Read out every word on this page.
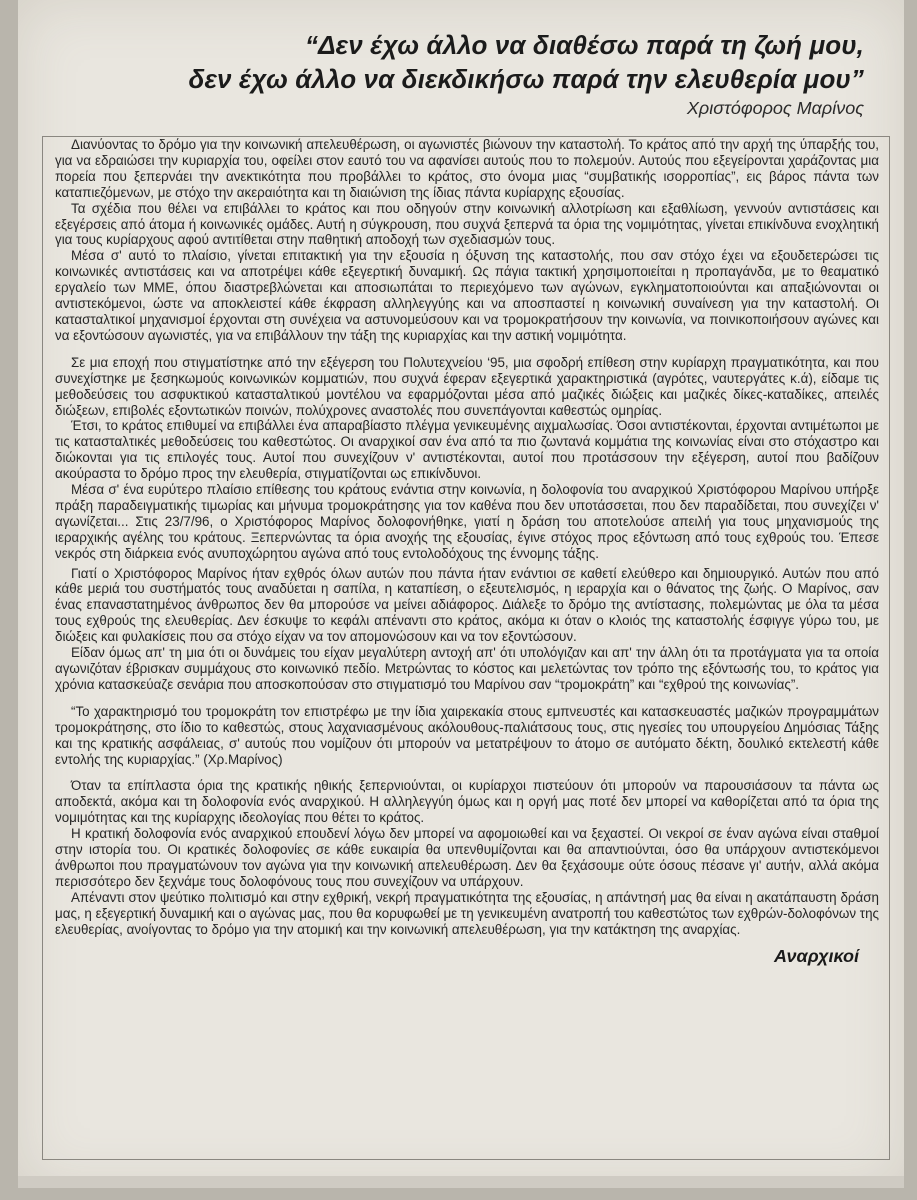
“Δεν έχω άλλο να διαθέσω παρά τη ζωή μου,
δεν έχω άλλο να διεκδικήσω παρά την ελευθερία μου”
Χριστόφορος Μαρίνος

Διανύοντας το δρόμο για την κοινωνική απελευθέρωση, οι αγωνιστές βιώνουν την καταστολή. Το κράτος από την αρχή της ύπαρξής του, για να εδραιώσει την κυριαρχία του, οφείλει στον εαυτό του να αφανίσει αυτούς που το πολεμούν. Αυτούς που εξεγείρονται χαράζοντας μια πορεία που ξεπερνάει την ανεκτικότητα που προβάλλει το κράτος, στο όνομα μιας “συμβατικής ισορροπίας”, εις βάρος πάντα των καταπιεζόμενων, με στόχο την ακεραιότητα και τη διαιώνιση της ίδιας πάντα κυρίαρχης εξουσίας.

Τα σχέδια που θέλει να επιβάλλει το κράτος και που οδηγούν στην κοινωνική αλλοτρίωση και εξαθλίωση, γεννούν αντιστάσεις και εξεγέρσεις από άτομα ή κοινωνικές ομάδες. Αυτή η σύγκρουση, που συχνά ξεπερνά τα όρια της νομιμότητας, γίνεται επικίνδυνα ενοχλητική για τους κυρίαρχους αφού αντιτίθεται στην παθητική αποδοχή των σχεδιασμών τους.

Μέσα σ' αυτό το πλαίσιο, γίνεται επιτακτική για την εξουσία η όξυνση της καταστολής, που σαν στόχο έχει να εξουδετερώσει τις κοινωνικές αντιστάσεις και να αποτρέψει κάθε εξεγερτική δυναμική. Ως πάγια τακτική χρησιμοποιείται η προπαγάνδα, με το θεαματικό εργαλείο των ΜΜΕ, όπου διαστρεβλώνεται και αποσιωπάται το περιεχόμενο των αγώνων, εγκληματοποιούνται και απαξιώνονται οι αντιστεκόμενοι, ώστε να αποκλειστεί κάθε έκφραση αλληλεγγύης και να αποσπαστεί η κοινωνική συναίνεση για την καταστολή. Οι κατασταλτικοί μηχανισμοί έρχονται στη συνέχεια να αστυνομεύσουν και να τρομοκρατήσουν την κοινωνία, να ποινικοποιήσουν αγώνες και να εξοντώσουν αγωνιστές, για να επιβάλλουν την τάξη της κυριαρχίας και την αστική νομιμότητα.

Σε μια εποχή που στιγματίστηκε από την εξέγερση του Πολυτεχνείου ‘95, μια σφοδρή επίθεση στην κυρίαρχη πραγματικότητα, και που συνεχίστηκε με ξεσηκωμούς κοινωνικών κομματιών, που συχνά έφεραν εξεγερτικά χαρακτηριστικά (αγρότες, ναυτεργάτες κ.ά), είδαμε τις μεθοδεύσεις του ασφυκτικού κατασταλτικού μοντέλου να εφαρμόζονται μέσα από μαζικές διώξεις και μαζικές δίκες-καταδίκες, απειλές διώξεων, επιβολές εξοντωτικών ποινών, πολύχρονες αναστολές που συνεπάγονται καθεστώς ομηρίας.

Έτσι, το κράτος επιθυμεί να επιβάλλει ένα απαραβίαστο πλέγμα γενικευμένης αιχμαλωσίας. Όσοι αντιστέκονται, έρχονται αντιμέτωποι με τις κατασταλτικές μεθοδεύσεις του καθεστώτος. Οι αναρχικοί σαν ένα από τα πιο ζωντανά κομμάτια της κοινωνίας είναι στο στόχαστρο και διώκονται για τις επιλογές τους. Αυτοί που συνεχίζουν ν' αντιστέκονται, αυτοί που προτάσσουν την εξέγερση, αυτοί που βαδίζουν ακούραστα το δρόμο προς την ελευθερία, στιγματίζονται ως επικίνδυνοι.

Μέσα σ' ένα ευρύτερο πλαίσιο επίθεσης του κράτους ενάντια στην κοινωνία, η δολοφονία του αναρχικού Χριστόφορου Μαρίνου υπήρξε πράξη παραδειγματικής τιμωρίας και μήνυμα τρομοκράτησης για τον καθένα που δεν υποτάσσεται, που δεν παραδίδεται, που συνεχίζει ν' αγωνίζεται... Στις 23/7/96, ο Χριστόφορος Μαρίνος δολοφονήθηκε, γιατί η δράση του αποτελούσε απειλή για τους μηχανισμούς της ιεραρχικής αγέλης του κράτους. Ξεπερνώντας τα όρια ανοχής της εξουσίας, έγινε στόχος προς εξόντωση από τους εχθρούς του. Έπεσε νεκρός στη διάρκεια ενός ανυποχώρητου αγώνα από τους εντολοδόχους της έννομης τάξης.

Γιατί ο Χριστόφορος Μαρίνος ήταν εχθρός όλων αυτών που πάντα ήταν ενάντιοι σε καθετί ελεύθερο και δημιουργικό. Αυτών που από κάθε μεριά του συστήματός τους αναδύεται η σαπίλα, η καταπίεση, ο εξευτελισμός, η ιεραρχία και ο θάνατος της ζωής. Ο Μαρίνος, σαν ένας επαναστατημένος άνθρωπος δεν θα μπορούσε να μείνει αδιάφορος. Διάλεξε το δρόμο της αντίστασης, πολεμώντας με όλα τα μέσα τους εχθρούς της ελευθερίας. Δεν έσκυψε το κεφάλι απέναντι στο κράτος, ακόμα κι όταν ο κλοιός της καταστολής έσφιγγε γύρω του, με διώξεις και φυλακίσεις που σα στόχο είχαν να τον απομονώσουν και να τον εξοντώσουν.

Είδαν όμως απ' τη μια ότι οι δυνάμεις του είχαν μεγαλύτερη αντοχή απ' ότι υπολόγιζαν και απ' την άλλη ότι τα προτάγματα για τα οποία αγωνιζόταν έβρισκαν συμμάχους στο κοινωνικό πεδίο. Μετρώντας το κόστος και μελετώντας τον τρόπο της εξόντωσής του, το κράτος για χρόνια κατασκεύαζε σενάρια που αποσκοπούσαν στο στιγματισμό του Μαρίνου σαν “τρομοκράτη” και “εχθρού της κοινωνίας”.

“Το χαρακτηρισμό του τρομοκράτη τον επιστρέφω με την ίδια χαιρεκακία στους εμπνευστές και κατασκευαστές μαζικών προγραμμάτων τρομοκράτησης, στο ίδιο το καθεστώς, στους λαχανιασμένους ακόλουθους-παλιάτσους τους, στις ηγεσίες του υπουργείου Δημόσιας Τάξης και της κρατικής ασφάλειας, σ' αυτούς που νομίζουν ότι μπορούν να μετατρέψουν το άτομο σε αυτόματο δέκτη, δουλικό εκτελεστή κάθε εντολής της κυριαρχίας.” (Χρ.Μαρίνος)

Όταν τα επίπλαστα όρια της κρατικής ηθικής ξεπερνιούνται, οι κυρίαρχοι πιστεύουν ότι μπορούν να παρουσιάσουν τα πάντα ως αποδεκτά, ακόμα και τη δολοφονία ενός αναρχικού. Η αλληλεγγύη όμως και η οργή μας ποτέ δεν μπορεί να καθορίζεται από τα όρια της νομιμότητας και της κυρίαρχης ιδεολογίας που θέτει το κράτος.

Η κρατική δολοφονία ενός αναρχικού επουδενί λόγω δεν μπορεί να αφομοιωθεί και να ξεχαστεί. Οι νεκροί σε έναν αγώνα είναι σταθμοί στην ιστορία του. Οι κρατικές δολοφονίες σε κάθε ευκαιρία θα υπενθυμίζονται και θα απαντιούνται, όσο θα υπάρχουν αντιστεκόμενοι άνθρωποι που πραγματώνουν τον αγώνα για την κοινωνική απελευθέρωση. Δεν θα ξεχάσουμε ούτε όσους πέσανε γι' αυτήν, αλλά ακόμα περισσότερο δεν ξεχνάμε τους δολοφόνους τους που συνεχίζουν να υπάρχουν.

Απέναντι στον ψεύτικο πολιτισμό και στην εχθρική, νεκρή πραγματικότητα της εξουσίας, η απάντησή μας θα είναι η ακατάπαυστη δράση μας, η εξεγερτική δυναμική και ο αγώνας μας, που θα κορυφωθεί με τη γενικευμένη ανατροπή του καθεστώτος των εχθρών-δολοφόνων της ελευθερίας, ανοίγοντας το δρόμο για την ατομική και την κοινωνική απελευθέρωση, για την κατάκτηση της αναρχίας.

Αναρχικοί
